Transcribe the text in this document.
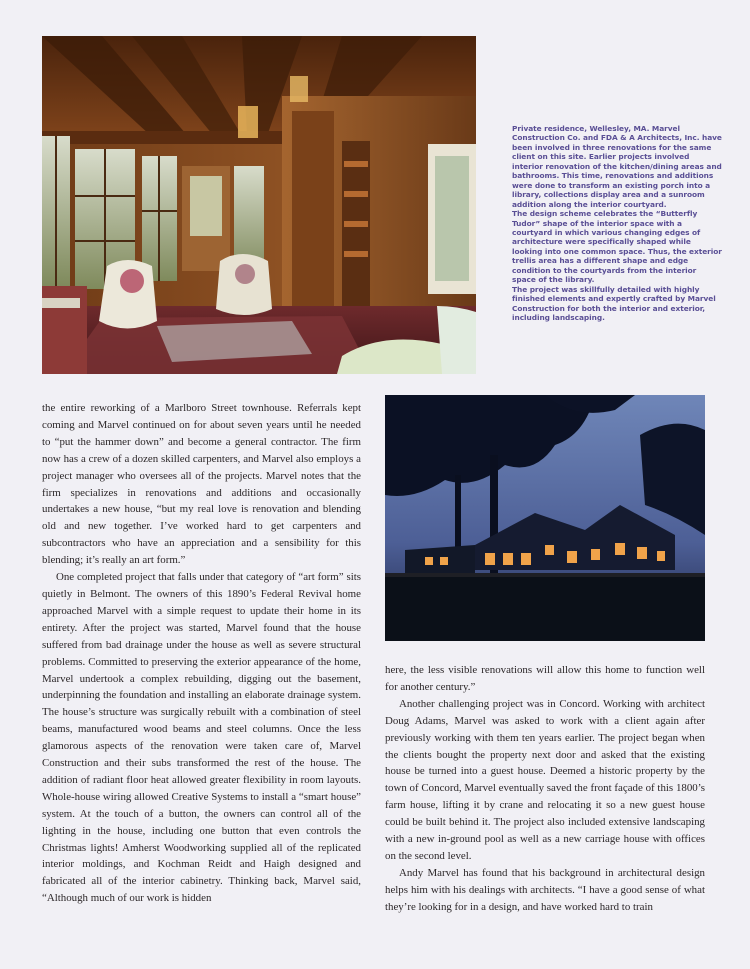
Private residence, Wellesley, MA. Marvel Construction Co. and FDA & A Architects, Inc. have been involved in three renovations for the same client on this site. Earlier projects involved interior renovation of the kitchen/dining areas and bathrooms. This time, renovations and additions were done to transform an existing porch into a library, collections display area and a sunroom addition along the interior courtyard.

The design scheme celebrates the “Butterfly Tudor” shape of the interior space with a courtyard in which various changing edges of architecture were specifically shaped while looking into one common space. Thus, the exterior trellis area has a different shape and edge condition to the courtyards from the interior space of the library.

The project was skillfully detailed with highly finished elements and expertly crafted by Marvel Construction for both the interior and exterior, including landscaping.

the entire reworking of a Marlboro Street townhouse. Referrals kept coming and Marvel continued on for about seven years until he needed to “put the hammer down” and become a general contractor. The firm now has a crew of a dozen skilled carpenters, and Marvel also employs a project manager who oversees all of the projects. Marvel notes that the firm specializes in renovations and additions and occasionally undertakes a new house, “but my real love is renovation and blending old and new together. I’ve worked hard to get carpenters and subcontractors who have an appreciation and a sensibility for this blending; it’s really an art form.”

One completed project that falls under that category of “art form” sits quietly in Belmont. The owners of this 1890’s Federal Revival home approached Marvel with a simple request to update their home in its entirety. After the project was started, Marvel found that the house suffered from bad drainage under the house as well as severe structural problems. Committed to preserving the exterior appearance of the home, Marvel undertook a complex rebuilding, digging out the basement, underpinning the foundation and installing an elaborate drainage system. The house’s structure was surgically rebuilt with a combination of steel beams, manufactured wood beams and steel columns. Once the less glamorous aspects of the renovation were taken care of, Marvel Construction and their subs transformed the rest of the house. The addition of radiant floor heat allowed greater flexibility in room layouts. Whole-house wiring allowed Creative Systems to install a “smart house” system. At the touch of a button, the owners can control all of the lighting in the house, including one button that even controls the Christmas lights! Amherst Woodworking supplied all of the replicated interior moldings, and Kochman Reidt and Haigh designed and fabricated all of the interior cabinetry. Thinking back, Marvel said, “Although much of our work is hidden

here, the less visible renovations will allow this home to function well for another century.”

Another challenging project was in Concord. Working with architect Doug Adams, Marvel was asked to work with a client again after previously working with them ten years earlier. The project began when the clients bought the property next door and asked that the existing house be turned into a guest house. Deemed a historic property by the town of Concord, Marvel eventually saved the front façade of this 1800’s farm house, lifting it by crane and relocating it so a new guest house could be built behind it. The project also included extensive landscaping with a new in-ground pool as well as a new carriage house with offices on the second level.

Andy Marvel has found that his background in architectural design helps him with his dealings with architects. “I have a good sense of what they’re looking for in a design, and have worked hard to train
